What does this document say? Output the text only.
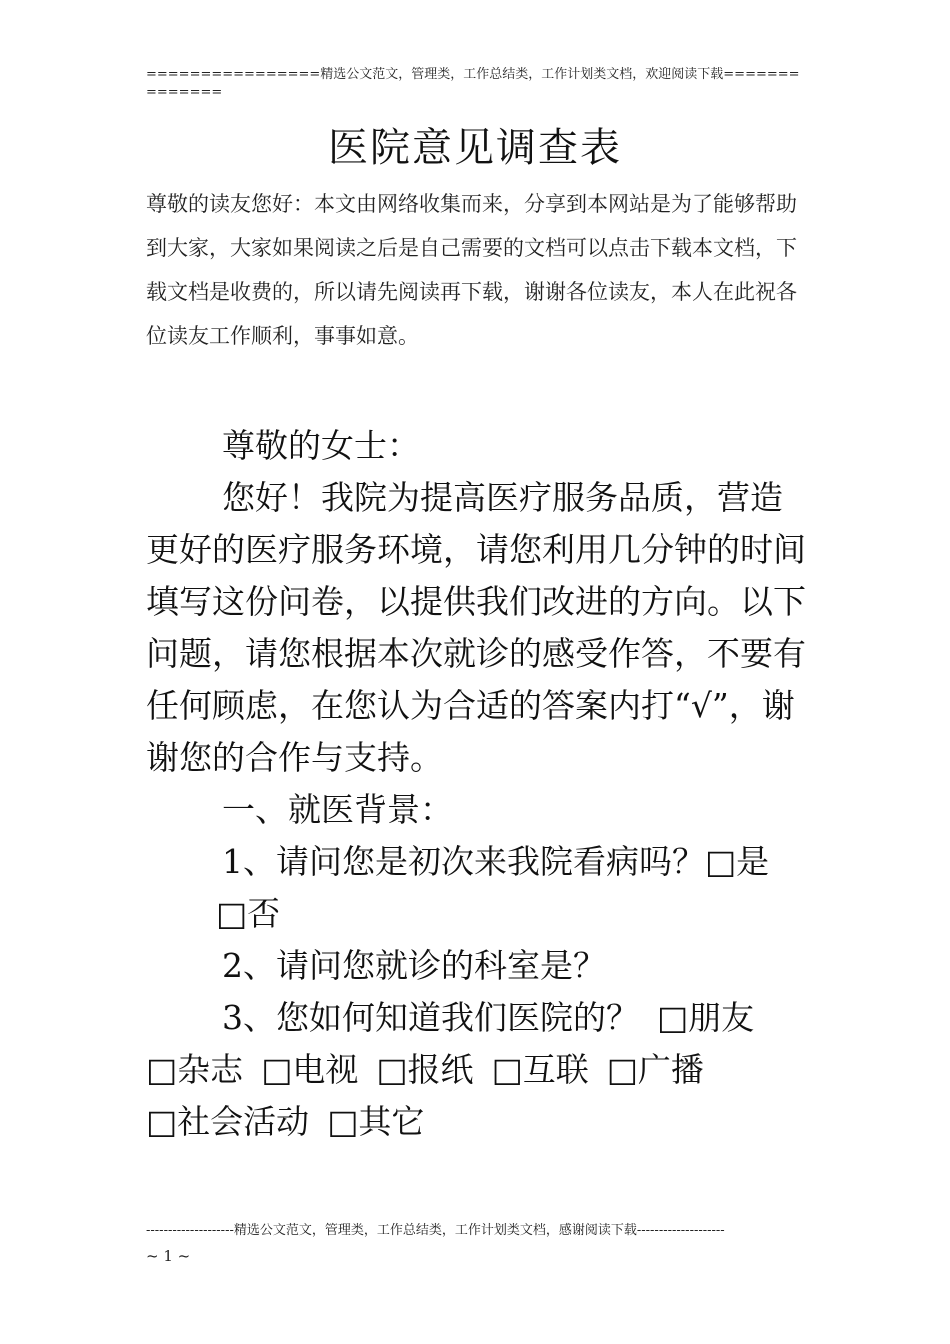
================精选公文范文，管理类，工作总结类，工作计划类文档，欢迎阅读下载==============
医院意见调查表
尊敬的读友您好：本文由网络收集而来，分享到本网站是为了能够帮助到大家，大家如果阅读之后是自己需要的文档可以点击下载本文档，下载文档是收费的，所以请先阅读再下载，谢谢各位读友，本人在此祝各位读友工作顺利，事事如意。

尊敬的女士：

您好！我院为提高医疗服务品质，营造更好的医疗服务环境，请您利用几分钟的时间填写这份问卷，以提供我们改进的方向。以下问题，请您根据本次就诊的感受作答，不要有任何顾虑，在您认为合适的答案内打“√”，谢谢您的合作与支持。

一、就医背景：

1、请问您是初次来我院看病吗？□是□否

2、请问您就诊的科室是？

3、您如何知道我们医院的？ □朋友□杂志 □电视 □报纸 □互联 □广播□社会活动 □其它

--------------------精选公文范文，管理类，工作总结类，工作计划类文档，感谢阅读下载--------------------
~ 1 ~
